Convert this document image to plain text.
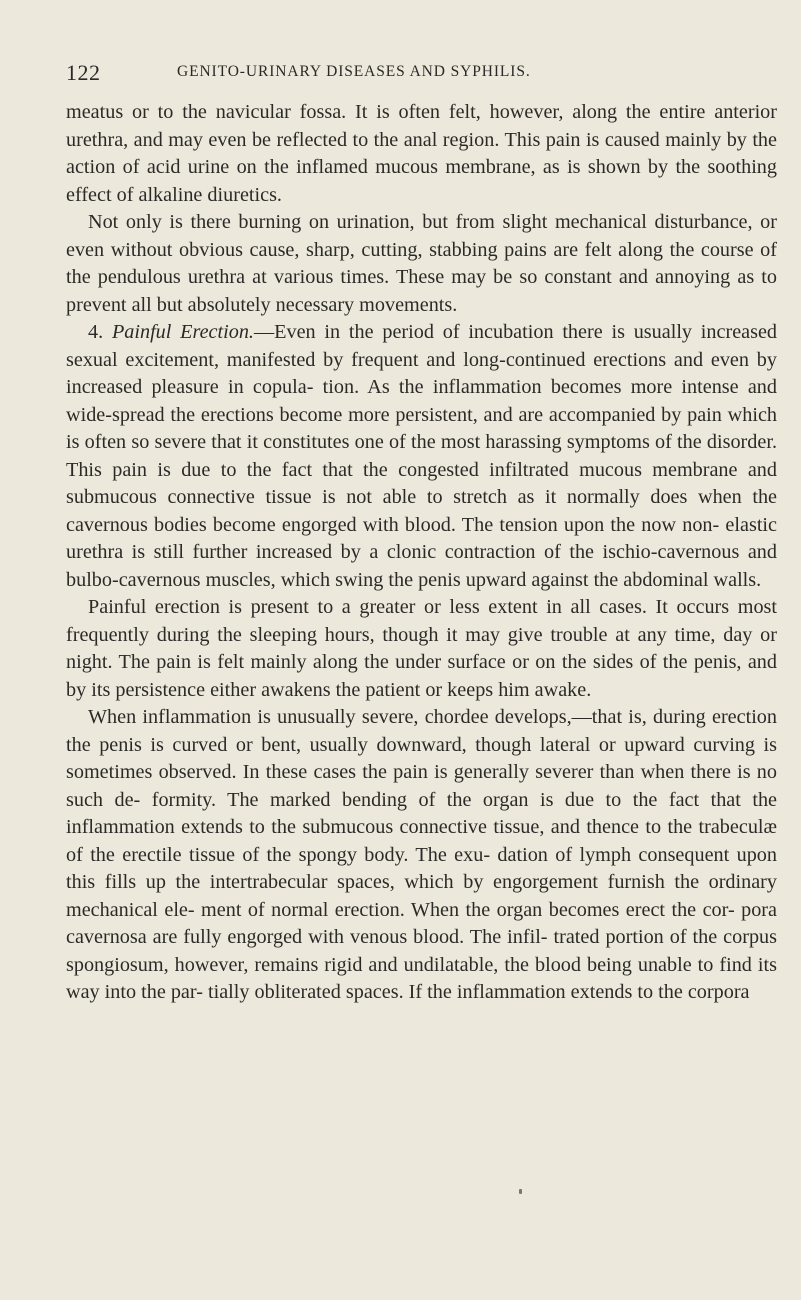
122	GENITO-URINARY DISEASES AND SYPHILIS.

meatus or to the navicular fossa. It is often felt, however, along the entire anterior urethra, and may even be reflected to the anal region. This pain is caused mainly by the action of acid urine on the inflamed mucous membrane, as is shown by the soothing effect of alkaline diuretics.

Not only is there burning on urination, but from slight mechanical disturbance, or even without obvious cause, sharp, cutting, stabbing pains are felt along the course of the pendulous urethra at various times. These may be so constant and annoying as to prevent all but absolutely necessary movements.

4. Painful Erection.—Even in the period of incubation there is usually increased sexual excitement, manifested by frequent and long-continued erections and even by increased pleasure in copula- tion. As the inflammation becomes more intense and wide-spread the erections become more persistent, and are accompanied by pain which is often so severe that it constitutes one of the most harassing symptoms of the disorder. This pain is due to the fact that the congested infiltrated mucous membrane and submucous connective tissue is not able to stretch as it normally does when the cavernous bodies become engorged with blood. The tension upon the now non- elastic urethra is still further increased by a clonic contraction of the ischio-cavernous and bulbo-cavernous muscles, which swing the penis upward against the abdominal walls.

Painful erection is present to a greater or less extent in all cases. It occurs most frequently during the sleeping hours, though it may give trouble at any time, day or night. The pain is felt mainly along the under surface or on the sides of the penis, and by its persistence either awakens the patient or keeps him awake.

When inflammation is unusually severe, chordee develops,—that is, during erection the penis is curved or bent, usually downward, though lateral or upward curving is sometimes observed. In these cases the pain is generally severer than when there is no such de- formity. The marked bending of the organ is due to the fact that the inflammation extends to the submucous connective tissue, and thence to the trabeculæ of the erectile tissue of the spongy body. The exu- dation of lymph consequent upon this fills up the intertrabecular spaces, which by engorgement furnish the ordinary mechanical ele- ment of normal erection. When the organ becomes erect the cor- pora cavernosa are fully engorged with venous blood. The infil- trated portion of the corpus spongiosum, however, remains rigid and undilatable, the blood being unable to find its way into the par- tially obliterated spaces. If the inflammation extends to the corpora
